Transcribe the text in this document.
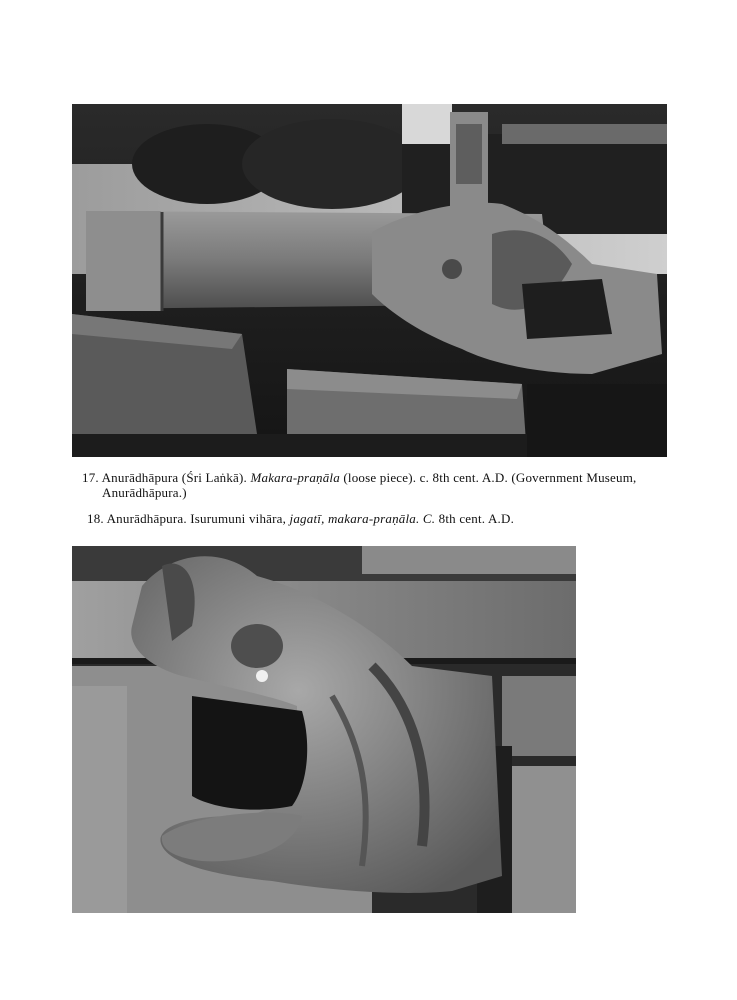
17. Anurādhāpura (Śri Laṅkā). Makara-praṇāla (loose piece). c. 8th cent. A.D. (Government Museum,
Anurādhāpura.)
18. Anurādhāpura. Isurumuni vihāra, jagatī, makara-praṇāla. C. 8th cent. A.D.
